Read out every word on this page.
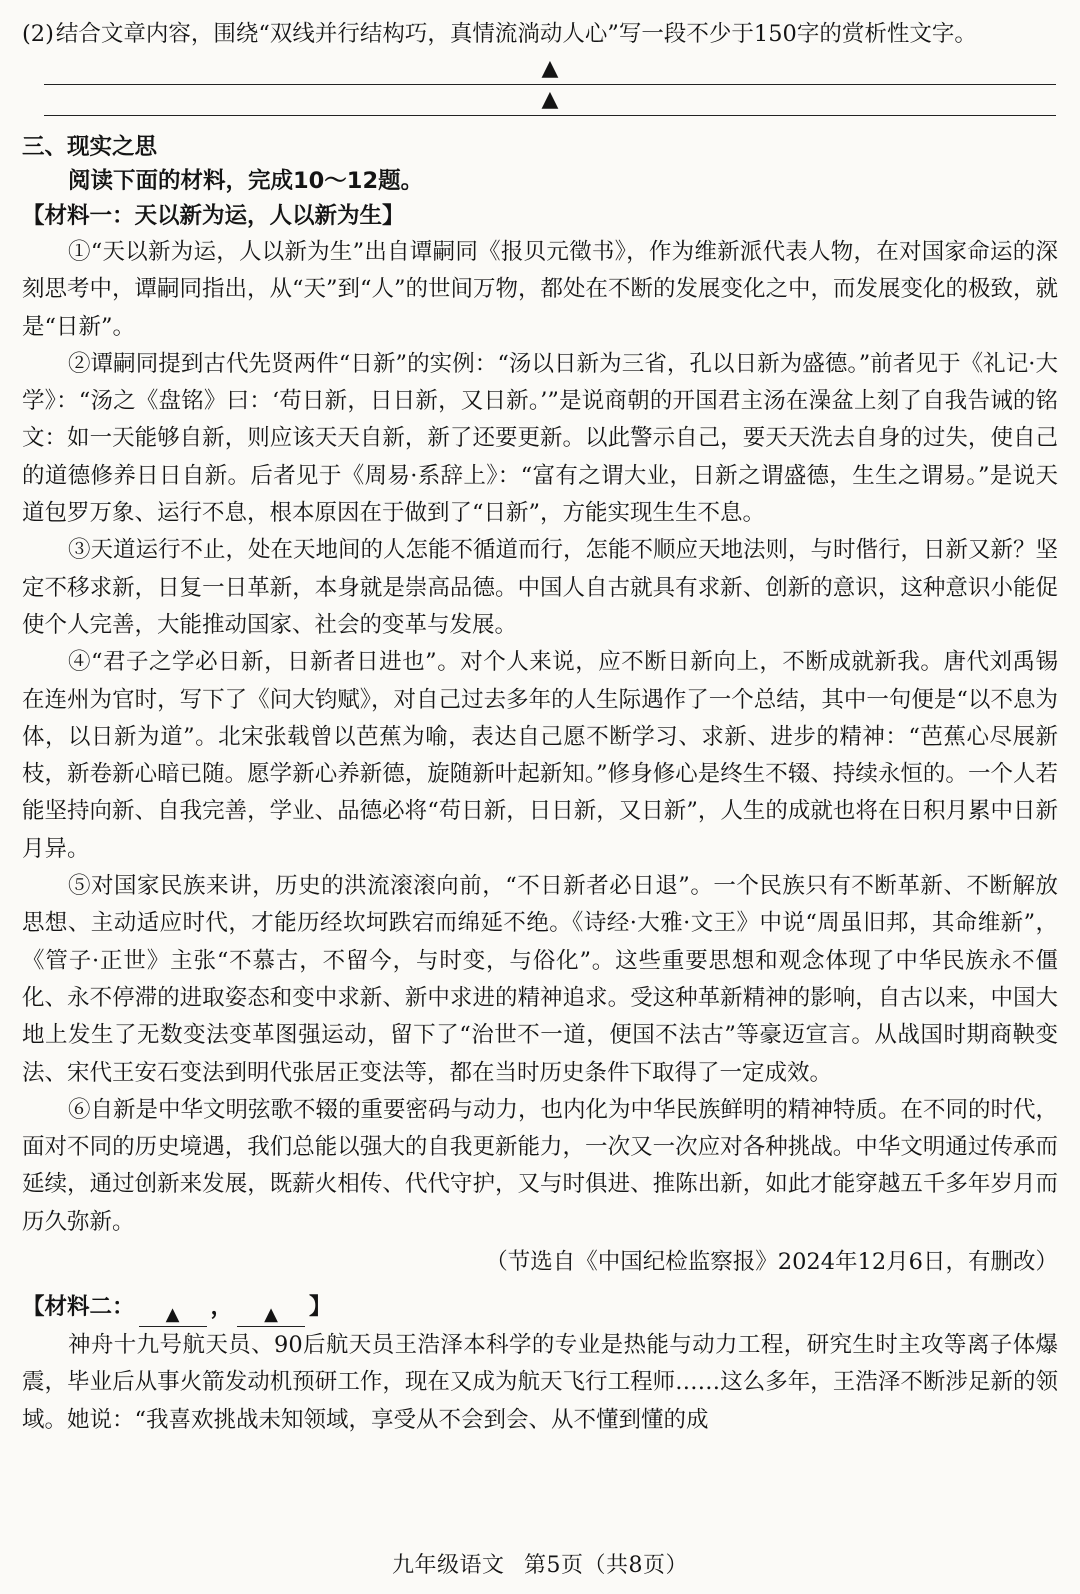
(2)结合文章内容，围绕“双线并行结构巧，真情流淌动人心”写一段不少于150字的赏析性文字。

▲
▲
三、现实之思
阅读下面的材料，完成10～12题。
【材料一：天以新为运，人以新为生】

①“天以新为运，人以新为生”出自谭嗣同《报贝元徵书》，作为维新派代表人物，在对国家命运的深刻思考中，谭嗣同指出，从“天”到“人”的世间万物，都处在不断的发展变化之中，而发展变化的极致，就是“日新”。

②谭嗣同提到古代先贤两件“日新”的实例：“汤以日新为三省，孔以日新为盛德。”前者见于《礼记·大学》：“汤之《盘铭》曰：‘苟日新，日日新，又日新。’”是说商朝的开国君主汤在澡盆上刻了自我告诫的铭文：如一天能够自新，则应该天天自新，新了还要更新。以此警示自己，要天天洗去自身的过失，使自己的道德修养日日自新。后者见于《周易·系辞上》：“富有之谓大业，日新之谓盛德，生生之谓易。”是说天道包罗万象、运行不息，根本原因在于做到了“日新”，方能实现生生不息。

③天道运行不止，处在天地间的人怎能不循道而行，怎能不顺应天地法则，与时偕行，日新又新？坚定不移求新，日复一日革新，本身就是崇高品德。中国人自古就具有求新、创新的意识，这种意识小能促使个人完善，大能推动国家、社会的变革与发展。

④“君子之学必日新，日新者日进也”。对个人来说，应不断日新向上，不断成就新我。唐代刘禹锡在连州为官时，写下了《问大钧赋》，对自己过去多年的人生际遇作了一个总结，其中一句便是“以不息为体，以日新为道”。北宋张载曾以芭蕉为喻，表达自己愿不断学习、求新、进步的精神：“芭蕉心尽展新枝，新卷新心暗已随。愿学新心养新德，旋随新叶起新知。”修身修心是终生不辍、持续永恒的。一个人若能坚持向新、自我完善，学业、品德必将“苟日新，日日新，又日新”，人生的成就也将在日积月累中日新月异。

⑤对国家民族来讲，历史的洪流滚滚向前，“不日新者必日退”。一个民族只有不断革新、不断解放思想、主动适应时代，才能历经坎坷跌宕而绵延不绝。《诗经·大雅·文王》中说“周虽旧邦，其命维新”，《管子·正世》主张“不慕古，不留今，与时变，与俗化”。这些重要思想和观念体现了中华民族永不僵化、永不停滞的进取姿态和变中求新、新中求进的精神追求。受这种革新精神的影响，自古以来，中国大地上发生了无数变法变革图强运动，留下了“治世不一道，便国不法古”等豪迈宣言。从战国时期商鞅变法、宋代王安石变法到明代张居正变法等，都在当时历史条件下取得了一定成效。

⑥自新是中华文明弦歌不辍的重要密码与动力，也内化为中华民族鲜明的精神特质。在不同的时代，面对不同的历史境遇，我们总能以强大的自我更新能力，一次又一次应对各种挑战。中华文明通过传承而延续，通过创新来发展，既薪火相传、代代守护，又与时俱进、推陈出新，如此才能穿越五千多年岁月而历久弥新。

（节选自《中国纪检监察报》2024年12月6日，有删改）
【材料二：	▲	，	▲	】

神舟十九号航天员、90后航天员王浩泽本科学的专业是热能与动力工程，研究生时主攻等离子体爆震，毕业后从事火箭发动机预研工作，现在又成为航天飞行工程师……这么多年，王浩泽不断涉足新的领域。她说：“我喜欢挑战未知领域，享受从不会到会、从不懂到懂的成

九年级语文 第5页（共8页）
